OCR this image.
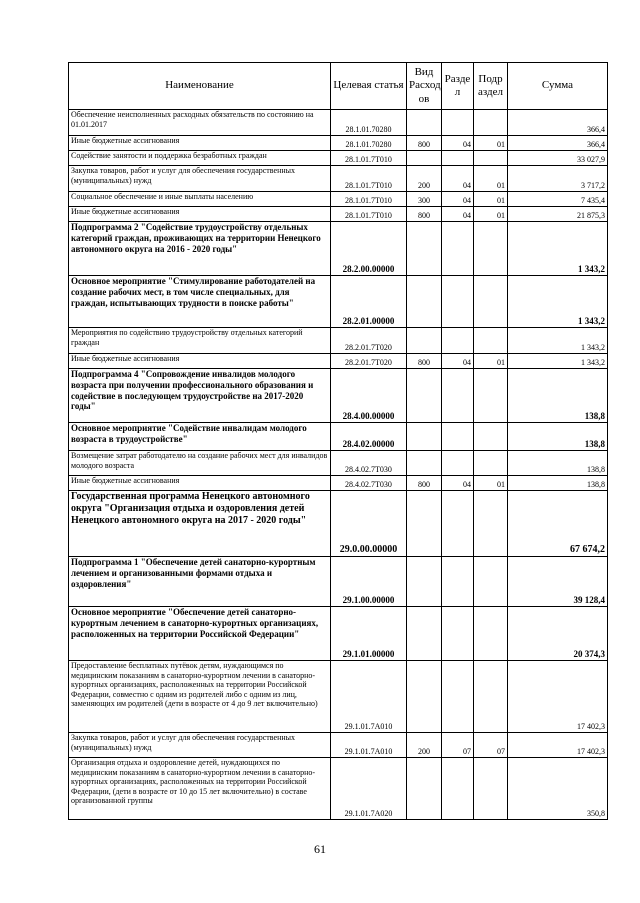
Наименование	Целевая статья	Вид Расход ов	Разде л	Подр аздел	Сумма
Обеспечение неисполненных расходных обязательств по состоянию на 01.01.2017	28.1.01.70280				366,4
Иные бюджетные ассигнования	28.1.01.70280	800	04	01	366,4
Содействие занятости и поддержка безработных граждан	28.1.01.7Т010				33 027,9
Закупка товаров, работ и услуг для обеспечения государственных (муниципальных) нужд	28.1.01.7Т010	200	04	01	3 717,2
Социальное обеспечение и иные выплаты населению	28.1.01.7Т010	300	04	01	7 435,4
Иные бюджетные ассигнования	28.1.01.7Т010	800	04	01	21 875,3
Подпрограмма 2 "Содействие трудоустройству отдельных категорий граждан, проживающих на территории Ненецкого автономного округа на 2016 - 2020 годы"	28.2.00.00000				1 343,2
Основное мероприятие "Стимулирование работодателей на создание рабочих мест, в том числе специальных, для граждан, испытывающих трудности в поиске работы"	28.2.01.00000				1 343,2
Мероприятия по содействию трудоустройству отдельных категорий граждан	28.2.01.7Т020				1 343,2
Иные бюджетные ассигнования	28.2.01.7Т020	800	04	01	1 343,2
Подпрограмма 4 "Сопровождение инвалидов молодого возраста при получении профессионального образования и содействие в последующем трудоустройстве на 2017-2020 годы"	28.4.00.00000				138,8
Основное мероприятие "Содействие инвалидам молодого возраста в трудоустройстве"	28.4.02.00000				138,8
Возмещение затрат работодателю на создание рабочих мест для инвалидов молодого возраста	28.4.02.7Т030				138,8
Иные бюджетные ассигнования	28.4.02.7Т030	800	04	01	138,8
Государственная программа Ненецкого автономного округа "Организация отдыха и оздоровления детей Ненецкого автономного округа на 2017 - 2020 годы"	29.0.00.00000				67 674,2
Подпрограмма 1 "Обеспечение детей санаторно-курортным лечением и организованными формами отдыха и оздоровления"	29.1.00.00000				39 128,4
Основное мероприятие "Обеспечение детей санаторно-курортным лечением в санаторно-курортных организациях, расположенных на территории Российской Федерации"	29.1.01.00000				20 374,3
Предоставление бесплатных путёвок детям, нуждающимся по медицинским показаниям в санаторно-курортном лечении в санаторно-курортных организациях, расположенных на территории Российской Федерации, совместно с одним из родителей либо с одним из лиц, заменяющих им родителей (дети в возрасте от 4 до 9 лет включительно)	29.1.01.7А010				17 402,3
Закупка товаров, работ и услуг для обеспечения государственных (муниципальных) нужд	29.1.01.7А010	200	07	07	17 402,3
Организация отдыха и оздоровление детей, нуждающихся по медицинским показаниям в санаторно-курортном лечении в санаторно-курортных организациях, расположенных на территории Российской Федерации, (дети в возрасте от 10 до 15 лет включительно) в составе организованной группы	29.1.01.7А020				350,8
61
